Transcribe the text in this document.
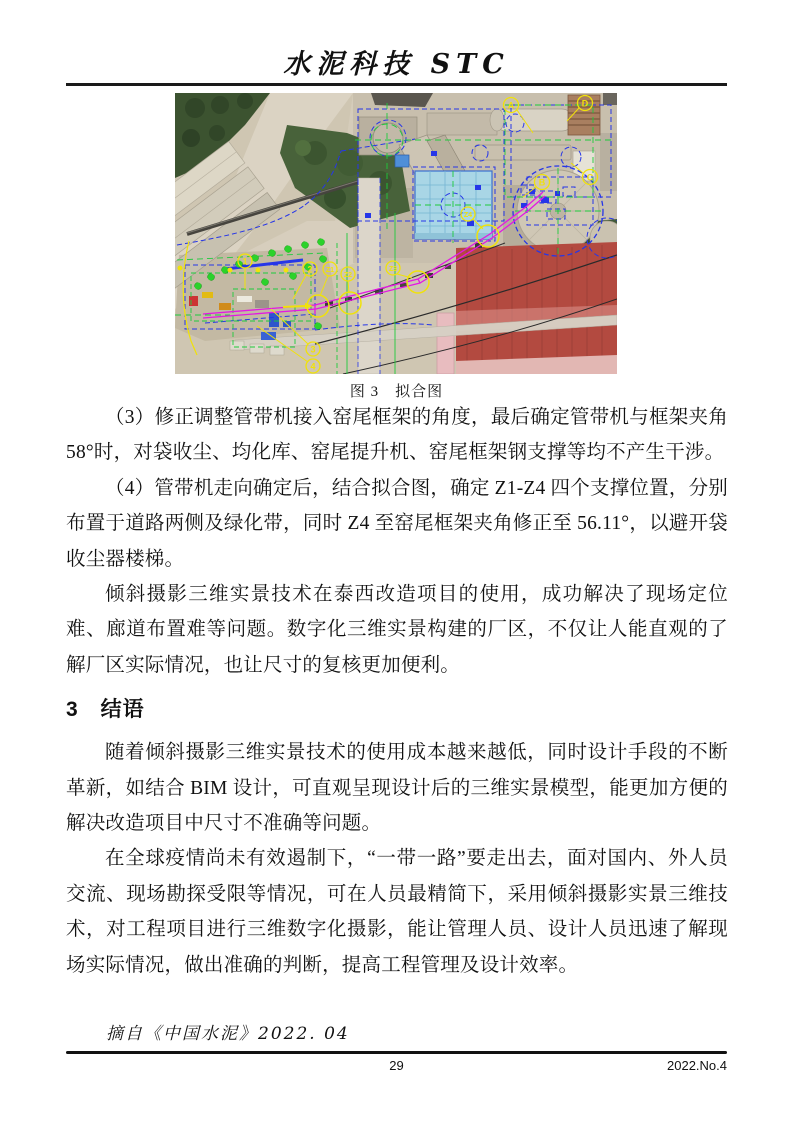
水泥科技 STC
A	D
B	C
1
2 Z1
Z2
Z3
Z4
3
4
图 3　拟合图

（3）修正调整管带机接入窑尾框架的角度，最后确定管带机与框架夹角 58°时，对袋收尘、均化库、窑尾提升机、窑尾框架钢支撑等均不产生干涉。

（4）管带机走向确定后，结合拟合图，确定 Z1-Z4 四个支撑位置，分别布置于道路两侧及绿化带，同时 Z4 至窑尾框架夹角修正至 56.11°，以避开袋收尘器楼梯。

倾斜摄影三维实景技术在泰西改造项目的使用，成功解决了现场定位难、廊道布置难等问题。数字化三维实景构建的厂区，不仅让人能直观的了解厂区实际情况，也让尺寸的复核更加便利。

3　结语

随着倾斜摄影三维实景技术的使用成本越来越低，同时设计手段的不断革新，如结合 BIM 设计，可直观呈现设计后的三维实景模型，能更加方便的解决改造项目中尺寸不准确等问题。

在全球疫情尚未有效遏制下，“一带一路”要走出去，面对国内、外人员交流、现场勘探受限等情况，可在人员最精简下，采用倾斜摄影实景三维技术，对工程项目进行三维数字化摄影，能让管理人员、设计人员迅速了解现场实际情况，做出准确的判断，提高工程管理及设计效率。

摘自《中国水泥》2022. 04

29	2022.No.4
